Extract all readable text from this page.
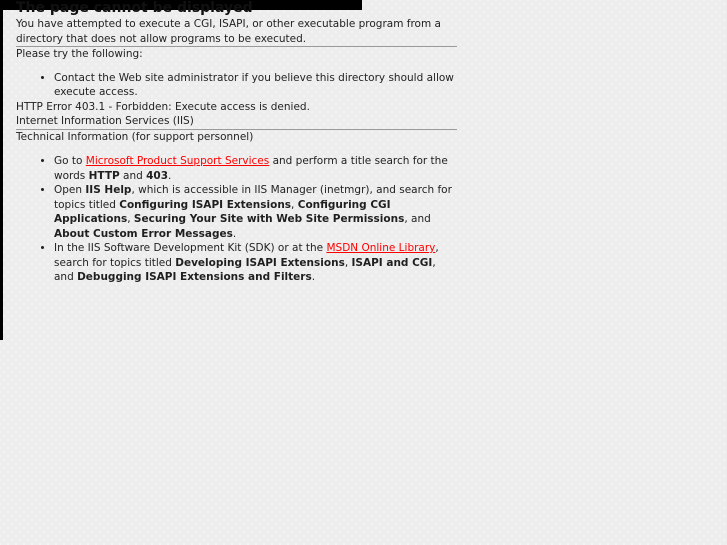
The page cannot be displayed

You have attempted to execute a CGI, ISAPI, or other executable program from a directory that does not allow programs to be executed.

Please try the following:

• Contact the Web site administrator if you believe this directory should allow execute access.
HTTP Error 403.1 - Forbidden: Execute access is denied.
Internet Information Services (IIS)

Technical Information (for support personnel)

• Go to Microsoft Product Support Services and perform a title search for the words HTTP and 403.
• Open IIS Help, which is accessible in IIS Manager (inetmgr), and search for topics titled Configuring ISAPI Extensions, Configuring CGI Applications, Securing Your Site with Web Site Permissions, and About Custom Error Messages.
• In the IIS Software Development Kit (SDK) or at the MSDN Online Library, search for topics titled Developing ISAPI Extensions, ISAPI and CGI, and Debugging ISAPI Extensions and Filters.
